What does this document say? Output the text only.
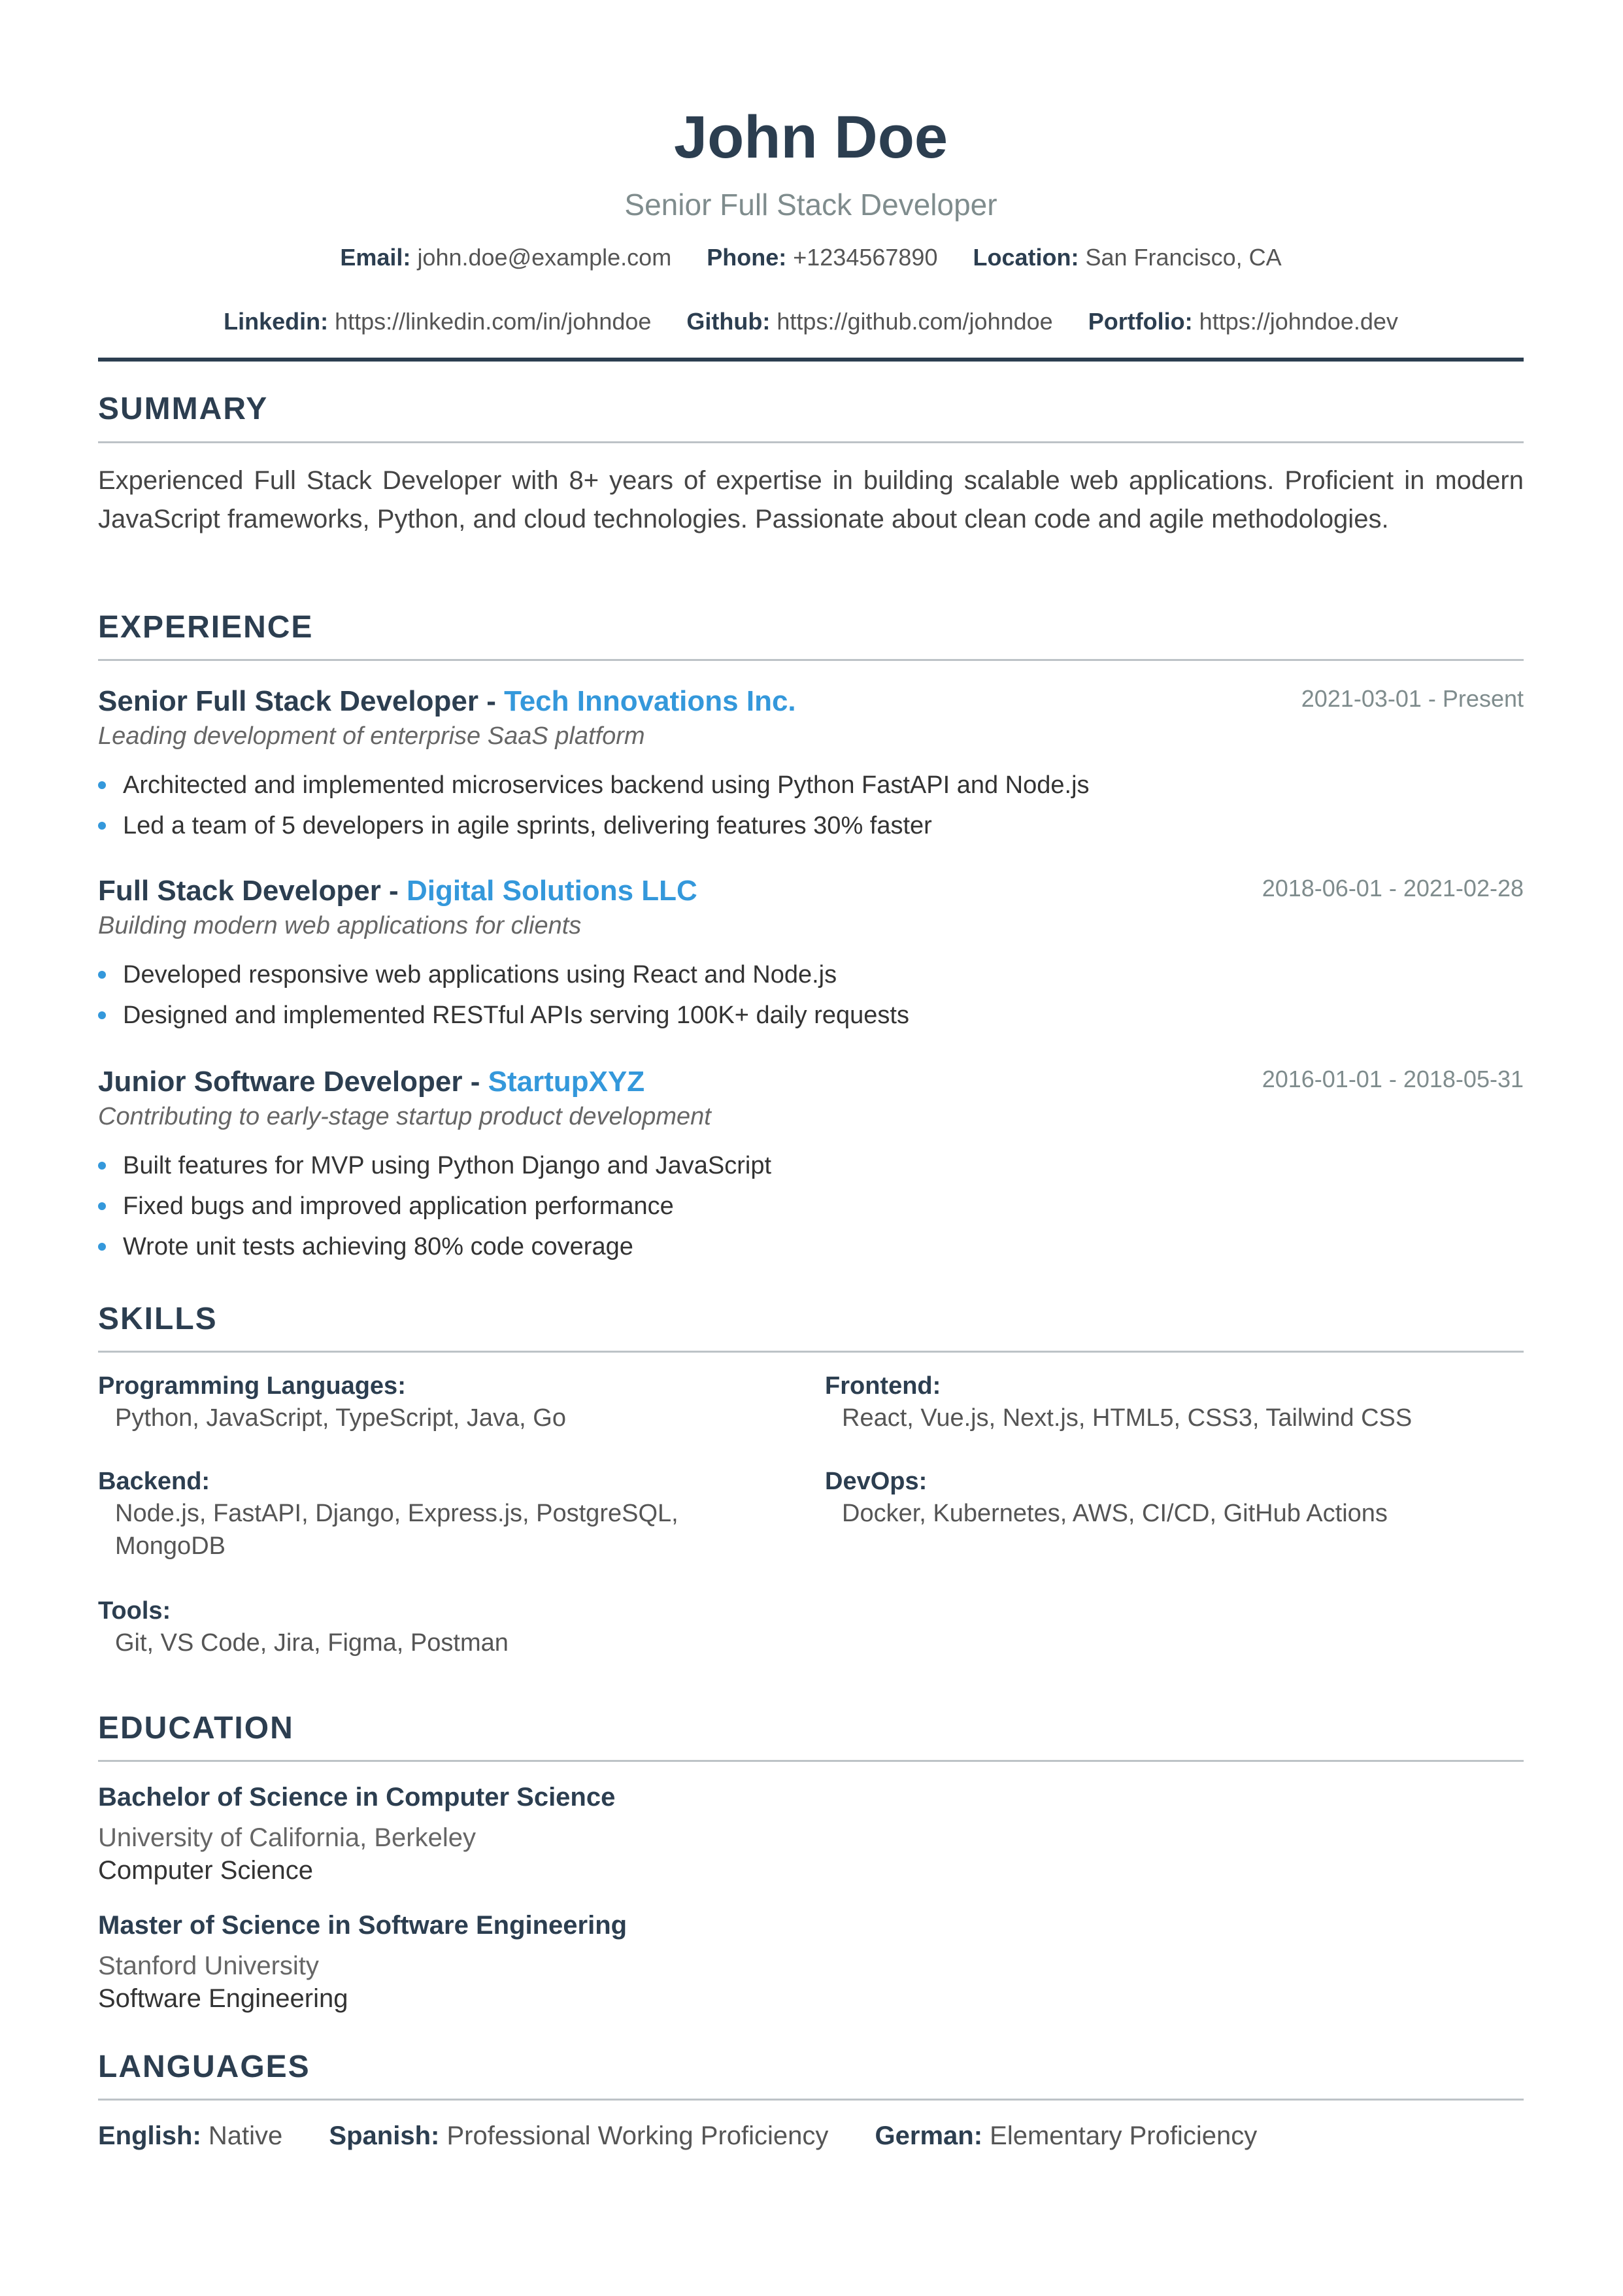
John Doe
Senior Full Stack Developer
Email: john.doe@example.com Phone: +1234567890 Location: San Francisco, CA
Linkedin: https://linkedin.com/in/johndoe Github: https://github.com/johndoe Portfolio: https://johndoe.dev
SUMMARY

Experienced Full Stack Developer with 8+ years of expertise in building scalable web applications. Proficient in modern JavaScript frameworks, Python, and cloud technologies. Passionate about clean code and agile methodologies.

EXPERIENCE
Senior Full Stack Developer - Tech Innovations Inc.	2021-03-01 - Present
Leading development of enterprise SaaS platform
Architected and implemented microservices backend using Python FastAPI and Node.js
Led a team of 5 developers in agile sprints, delivering features 30% faster
Full Stack Developer - Digital Solutions LLC	2018-06-01 - 2021-02-28
Building modern web applications for clients
Developed responsive web applications using React and Node.js
Designed and implemented RESTful APIs serving 100K+ daily requests
Junior Software Developer - StartupXYZ	2016-01-01 - 2018-05-31
Contributing to early-stage startup product development
Built features for MVP using Python Django and JavaScript
Fixed bugs and improved application performance
Wrote unit tests achieving 80% code coverage
SKILLS
Programming Languages:
Python, JavaScript, TypeScript, Java, Go
Frontend:
React, Vue.js, Next.js, HTML5, CSS3, Tailwind CSS
Backend:
Node.js, FastAPI, Django, Express.js, PostgreSQL, MongoDB
DevOps:
Docker, Kubernetes, AWS, CI/CD, GitHub Actions
Tools:
Git, VS Code, Jira, Figma, Postman
EDUCATION
Bachelor of Science in Computer Science
University of California, Berkeley
Computer Science
Master of Science in Software Engineering
Stanford University
Software Engineering
LANGUAGES
English: Native Spanish: Professional Working Proficiency German: Elementary Proficiency
